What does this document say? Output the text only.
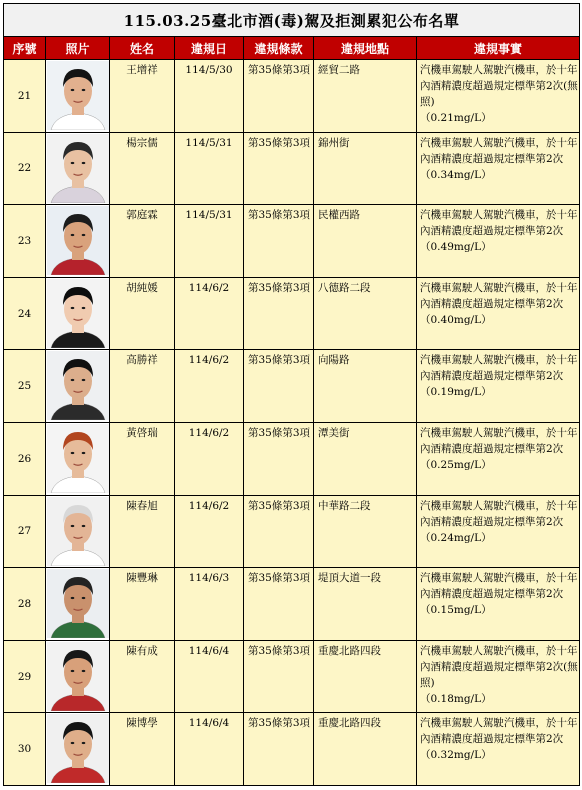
115.03.25臺北市酒(毒)駕及拒測累犯公布名單						
序號	照片	姓名	違規日	違規條款	違規地點	違規事實
21		王增祥	114/5/30	第35條第3項	經貿二路	汽機車駕駛人駕駛汽機車，於十年內酒精濃度超過規定標準第2次(無照)
（0.21mg/L）

22		楊宗儒	114/5/31	第35條第3項	錦州街	汽機車駕駛人駕駛汽機車，於十年內酒精濃度超過規定標準第2次
（0.34mg/L）

23		郭庭霖	114/5/31	第35條第3項	民權西路	汽機車駕駛人駕駛汽機車，於十年內酒精濃度超過規定標準第2次
（0.49mg/L）

24		胡純媛	114/6/2	第35條第3項	八德路二段	汽機車駕駛人駕駛汽機車，於十年內酒精濃度超過規定標準第2次
（0.40mg/L）

25		高勝祥	114/6/2	第35條第3項	向陽路	汽機車駕駛人駕駛汽機車，於十年內酒精濃度超過規定標準第2次
（0.19mg/L）

26		黃啓瑞	114/6/2	第35條第3項	潭美街	汽機車駕駛人駕駛汽機車，於十年內酒精濃度超過規定標準第2次
（0.25mg/L）

27		陳春旭	114/6/2	第35條第3項	中華路二段	汽機車駕駛人駕駛汽機車，於十年內酒精濃度超過規定標準第2次
（0.24mg/L）

28		陳豐琳	114/6/3	第35條第3項	堤頂大道一段	汽機車駕駛人駕駛汽機車，於十年內酒精濃度超過規定標準第2次
（0.15mg/L）

29		陳有成	114/6/4	第35條第3項	重慶北路四段	汽機車駕駛人駕駛汽機車，於十年內酒精濃度超過規定標準第2次(無照)
（0.18mg/L）

30		陳博學	114/6/4	第35條第3項	重慶北路四段	汽機車駕駛人駕駛汽機車，於十年內酒精濃度超過規定標準第2次
（0.32mg/L）
